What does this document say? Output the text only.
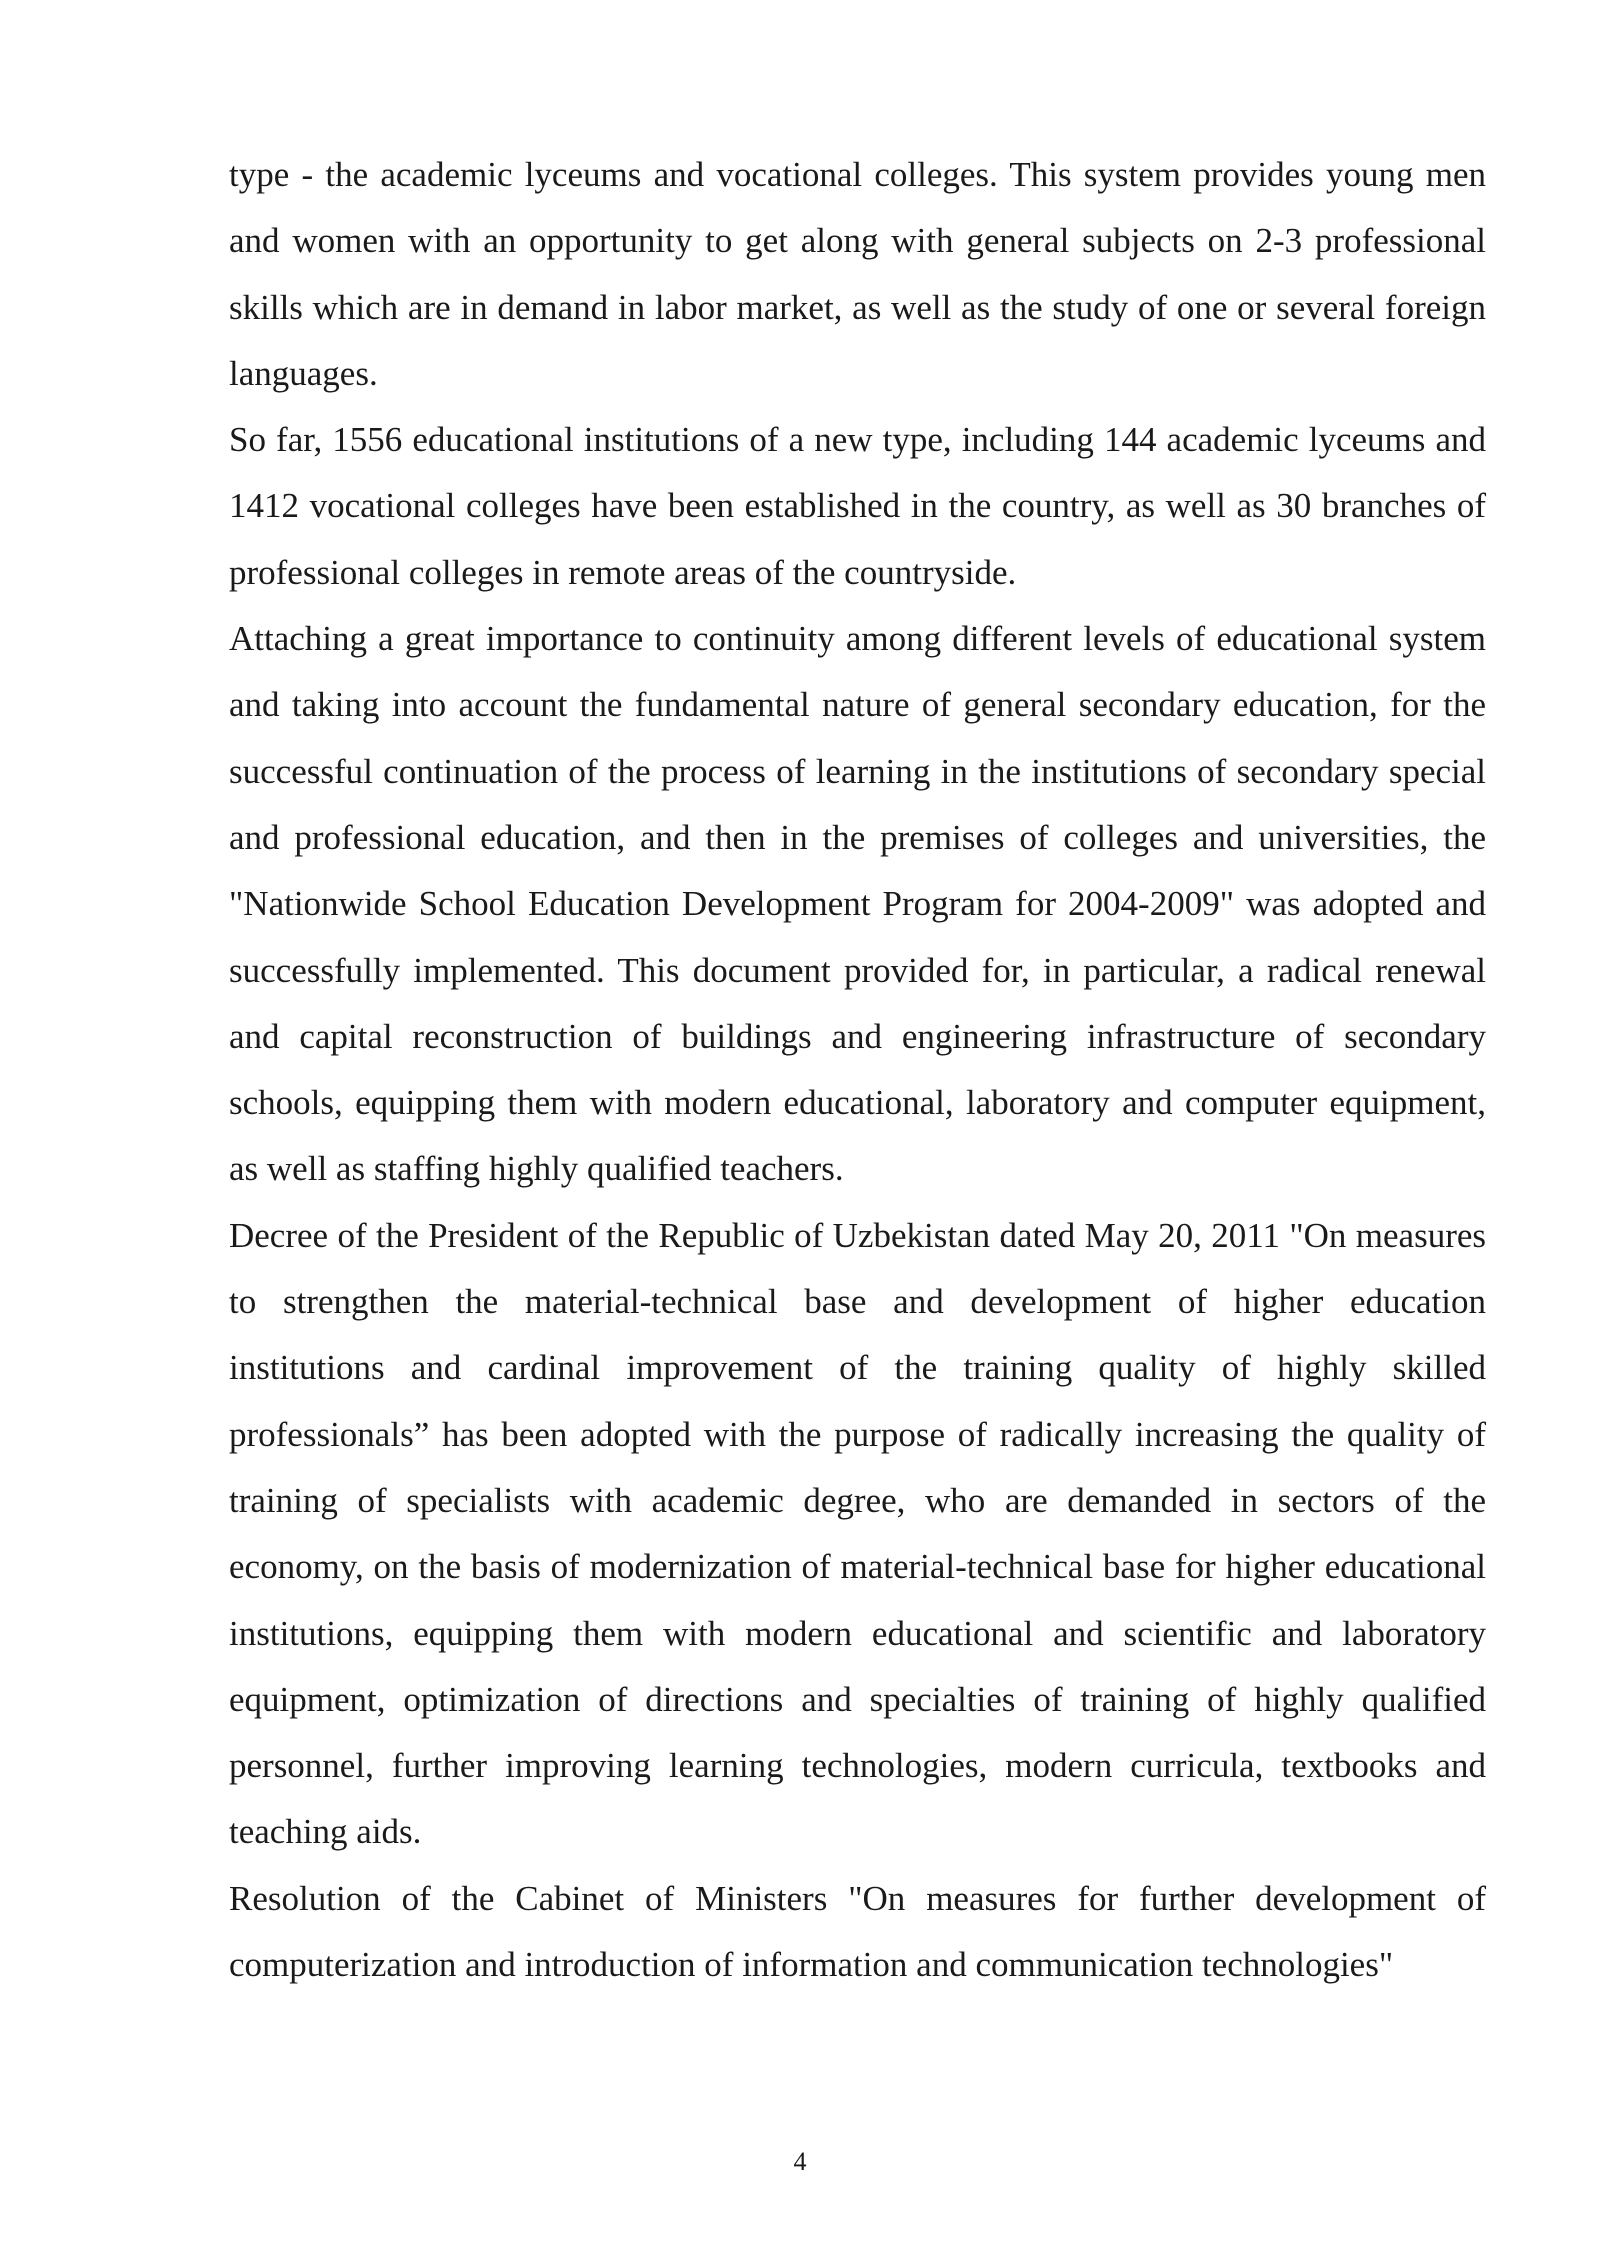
type - the academic lyceums and vocational colleges. This system provides young men and women with an opportunity to get along with general subjects on 2-3 professional skills which are in demand in labor market, as well as the study of one or several foreign languages.

So far, 1556 educational institutions of a new type, including 144 academic lyceums and 1412 vocational colleges have been established in the country, as well as 30 branches of professional colleges in remote areas of the countryside.

Attaching a great importance to continuity among different levels of educational system and taking into account the fundamental nature of general secondary education, for the successful continuation of the process of learning in the institutions of secondary special and professional education, and then in the premises of colleges and universities, the "Nationwide School Education Development Program for 2004-2009" was adopted and successfully implemented. This document provided for, in particular, a radical renewal and capital reconstruction of buildings and engineering infrastructure of secondary schools, equipping them with modern educational, laboratory and computer equipment, as well as staffing highly qualified teachers.

Decree of the President of the Republic of Uzbekistan dated May 20, 2011 "On measures to strengthen the material-technical base and development of higher education institutions and cardinal improvement of the training quality of highly skilled professionals” has been adopted with the purpose of radically increasing the quality of training of specialists with academic degree, who are demanded in sectors of the economy, on the basis of modernization of material-technical base for higher educational institutions, equipping them with modern educational and scientific and laboratory equipment, optimization of directions and specialties of training of highly qualified personnel, further improving learning technologies, modern curricula, textbooks and teaching aids.

Resolution of the Cabinet of Ministers "On measures for further development of computerization and introduction of information and communication technologies"

4
